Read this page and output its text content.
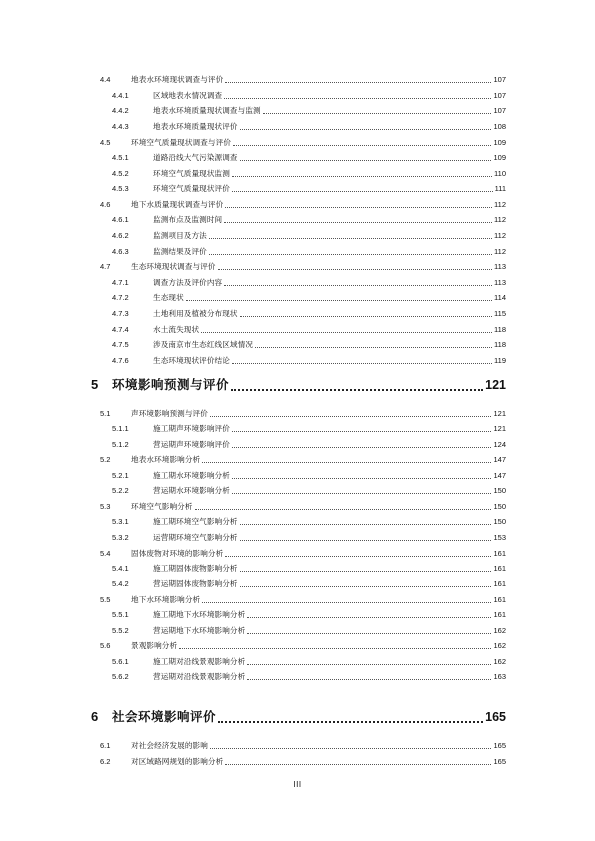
4.4	地表水环境现状调查与评价	107
4.4.1	区域地表水情况调查	107
4.4.2	地表水环境质量现状调查与监测	107
4.4.3	地表水环境质量现状评价	108
4.5	环境空气质量现状调查与评价	109
4.5.1	道路沿线大气污染源调查	109
4.5.2	环境空气质量现状监测	110
4.5.3	环境空气质量现状评价	111
4.6	地下水质量现状调查与评价	112
4.6.1	监测布点及监测时间	112
4.6.2	监测项目及方法	112
4.6.3	监测结果及评价	112
4.7	生态环境现状调查与评价	113
4.7.1	调查方法及评价内容	113
4.7.2	生态现状	114
4.7.3	土地利用及植被分布现状	115
4.7.4	水土流失现状	118
4.7.5	涉及南京市生态红线区域情况	118
4.7.6	生态环境现状评价结论	119
5 环境影响预测与评价	121
5.1	声环境影响预测与评价	121
5.1.1	施工期声环境影响评价	121
5.1.2	营运期声环境影响评价	124
5.2	地表水环境影响分析	147
5.2.1	施工期水环境影响分析	147
5.2.2	营运期水环境影响分析	150
5.3	环境空气影响分析	150
5.3.1	施工期环境空气影响分析	150
5.3.2	运营期环境空气影响分析	153
5.4	固体废物对环境的影响分析	161
5.4.1	施工期固体废物影响分析	161
5.4.2	营运期固体废物影响分析	161
5.5	地下水环境影响分析	161
5.5.1	施工期地下水环境影响分析	161
5.5.2	营运期地下水环境影响分析	162
5.6	景观影响分析	162
5.6.1	施工期对沿线景观影响分析	162
5.6.2	营运期对沿线景观影响分析	163
6 社会环境影响评价	165
6.1	对社会经济发展的影响	165
6.2	对区域路网规划的影响分析	165
III
